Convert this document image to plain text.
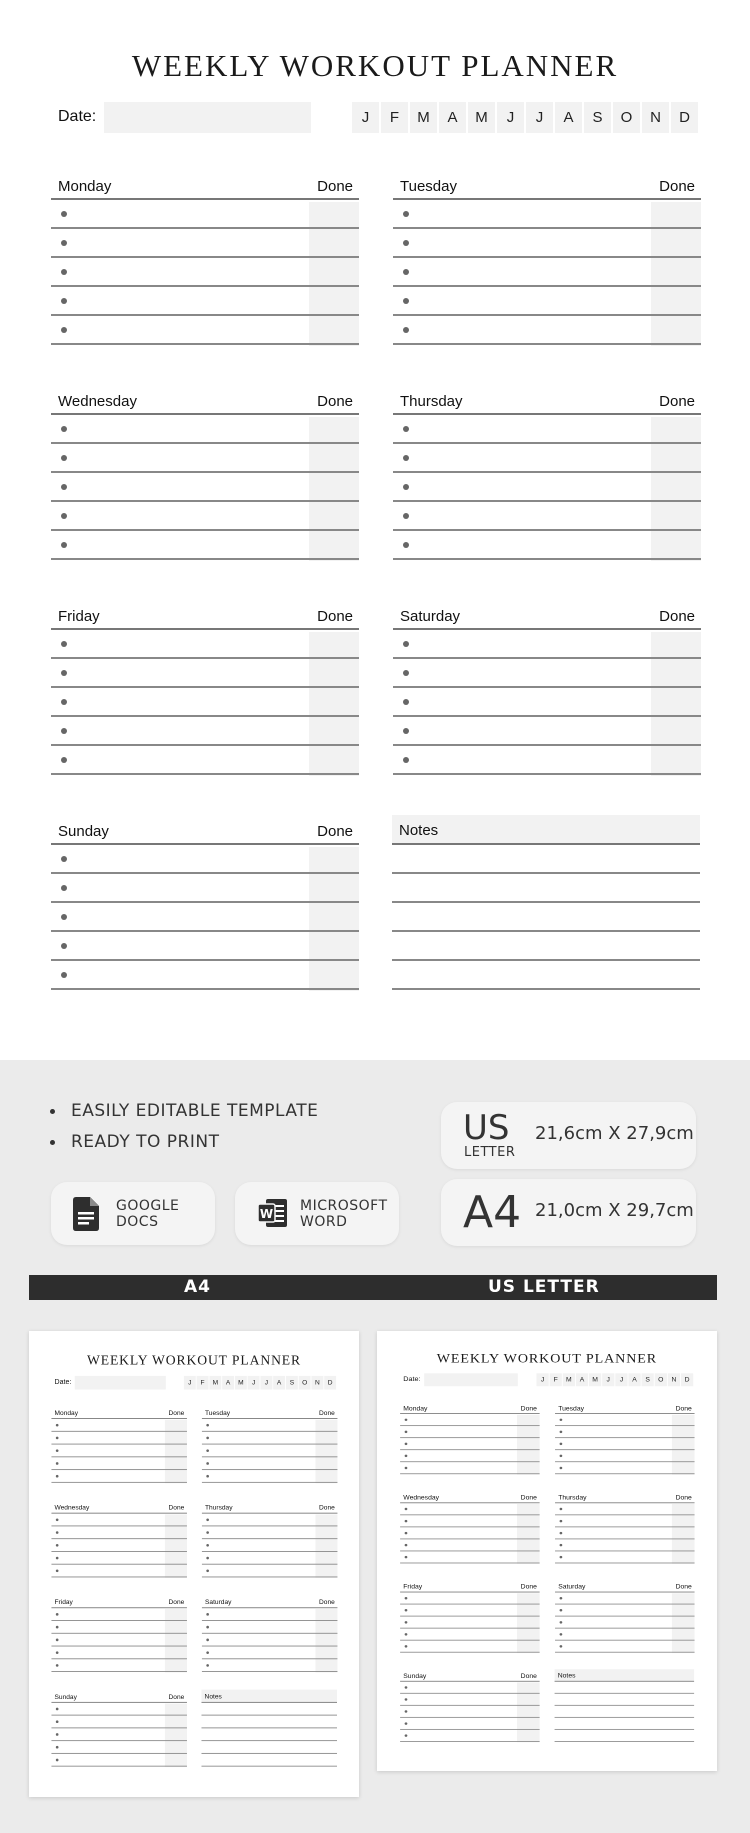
WEEKLY WORKOUT PLANNER
Date:	J	F	M	A	M	J	J	A	S	O	N	D
Monday	Done	Tuesday	Done
Wednesday	Done	Thursday	Done
Friday	Done	Saturday	Done
Sunday	Done	Notes
EASILY EDITABLE TEMPLATE
READY TO PRINT
GOOGLE
DOCS	W MICROSOFT
WORD
US
LETTER
21,6cm X 27,9cm
A4 21,0cm X 29,7cm
A4	US LETTER
WEEKLY WORKOUT PLANNER
Date:	J F M A M J J A S O N D
Monday	Done Tuesday	Done
Wednesday	Done Thursday	Done
Friday	Done Saturday	Done
Sunday	Done Notes
WEEKLY WORKOUT PLANNER
Date:	J F M A M J J A S O N D
Monday	Done Tuesday	Done
Wednesday	Done Thursday	Done
Friday	Done Saturday	Done
Sunday	Done Notes
